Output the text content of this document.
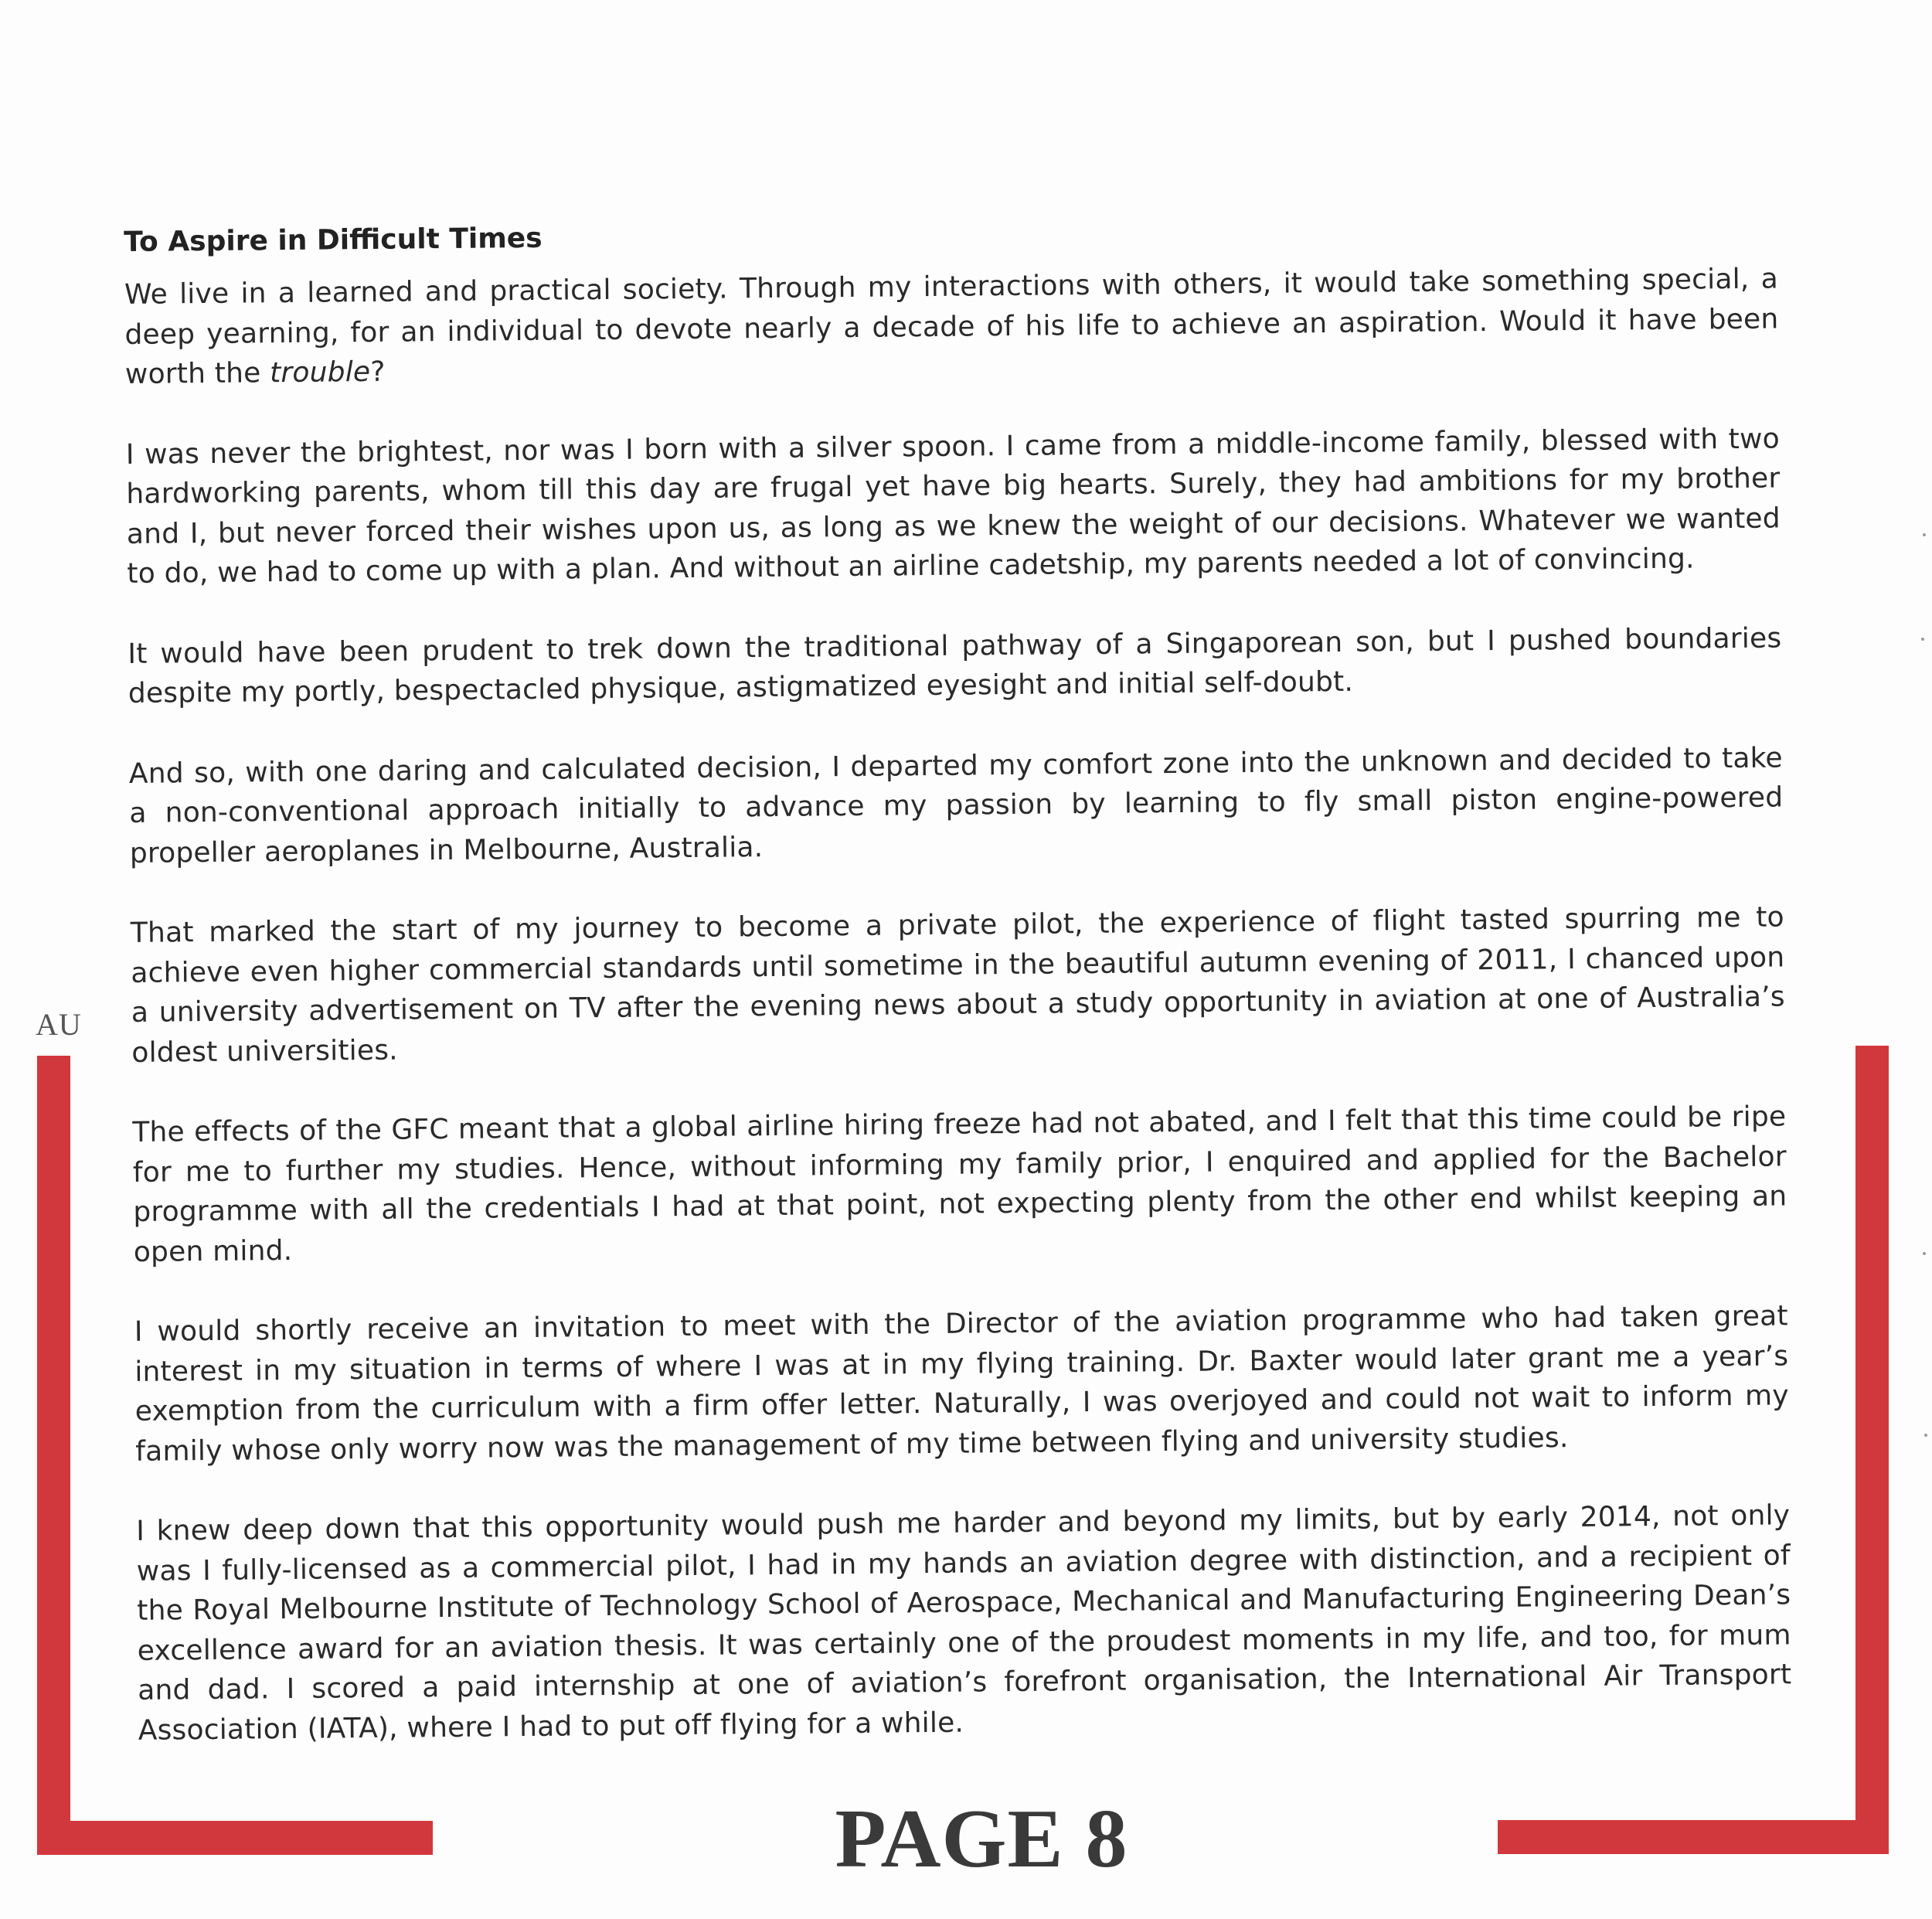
AU
To Aspire in Difficult Times

We live in a learned and practical society. Through my interactions with others, it would take something special, a deep yearning, for an individual to devote nearly a decade of his life to achieve an aspiration. Would it have been worth the trouble?

I was never the brightest, nor was I born with a silver spoon. I came from a middle-income family, blessed with two hardworking parents, whom till this day are frugal yet have big hearts. Surely, they had ambitions for my brother and I, but never forced their wishes upon us, as long as we knew the weight of our decisions. Whatever we wanted to do, we had to come up with a plan. And without an airline cadetship, my parents needed a lot of convincing.

It would have been prudent to trek down the traditional pathway of a Singaporean son, but I pushed boundaries despite my portly, bespectacled physique, astigmatized eyesight and initial self-doubt.

And so, with one daring and calculated decision, I departed my comfort zone into the unknown and decided to take a non-conventional approach initially to advance my passion by learning to fly small piston engine-powered propeller aeroplanes in Melbourne, Australia.

That marked the start of my journey to become a private pilot, the experience of flight tasted spurring me to achieve even higher commercial standards until sometime in the beautiful autumn evening of 2011, I chanced upon a university advertisement on TV after the evening news about a study opportunity in aviation at one of Australia’s oldest universities.

The effects of the GFC meant that a global airline hiring freeze had not abated, and I felt that this time could be ripe for me to further my studies. Hence, without informing my family prior, I enquired and applied for the Bachelor programme with all the credentials I had at that point, not expecting plenty from the other end whilst keeping an open mind.

I would shortly receive an invitation to meet with the Director of the aviation programme who had taken great interest in my situation in terms of where I was at in my flying training. Dr. Baxter would later grant me a year’s exemption from the curriculum with a firm offer letter. Naturally, I was overjoyed and could not wait to inform my family whose only worry now was the management of my time between flying and university studies.

I knew deep down that this opportunity would push me harder and beyond my limits, but by early 2014, not only was I fully-licensed as a commercial pilot, I had in my hands an aviation degree with distinction, and a recipient of the Royal Melbourne Institute of Technology School of Aerospace, Mechanical and Manufacturing Engineering Dean’s excellence award for an aviation thesis. It was certainly one of the proudest moments in my life, and too, for mum and dad. I scored a paid internship at one of aviation’s forefront organisation, the International Air Transport Association (IATA), where I had to put off flying for a while.

PAGE 8
